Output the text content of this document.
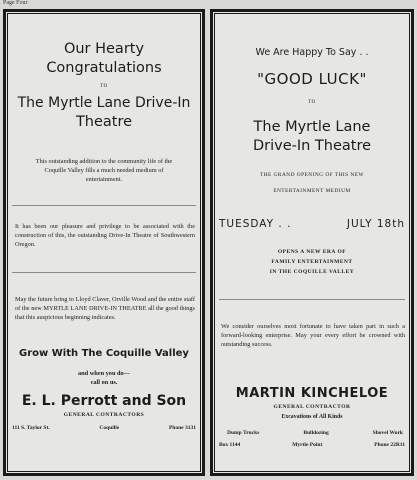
Page Four
Our Hearty
Congratulations
TO
The Myrtle Lane Drive-In
Theatre
This outstanding addition to the community life of the Coquille Valley fills a much needed medium of entertainment.
It has been our pleasure and privilege to be associated with the construction of this, the outstanding Drive-In Theatre of Southwestern Oregon.
May the future bring to Lloyd Claver, Orville Wood and the entire staff of the new MYRTLE LANE DRIVE-IN THEATRE all the good things that this auspicious beginning indicates.
Grow With The Coquille Valley
and when you do—
call on us.
E. L. Perrott and Son
GENERAL CONTRACTORS
111 S. Taylor St.	Coquille	Phone 3131
We Are Happy To Say . .
"GOOD LUCK"
TO
The Myrtle Lane
Drive-In Theatre
THE GRAND OPENING OF THIS NEW
ENTERTAINMENT MEDIUM
TUESDAY . .	JULY 18th
OPENS A NEW ERA OF
FAMILY ENTERTAINMENT
IN THE COQUILLE VALLEY
We consider ourselves most fortunate to have taken part in such a forward-looking enterprise. May your every effort be crowned with outstanding success.
MARTIN KINCHELOE
GENERAL CONTRACTOR
Excavations of All Kinds
Dump Trucks	Bulldozing	Shovel Work
Box 1144	Myrtle Point	Phone 22R11
